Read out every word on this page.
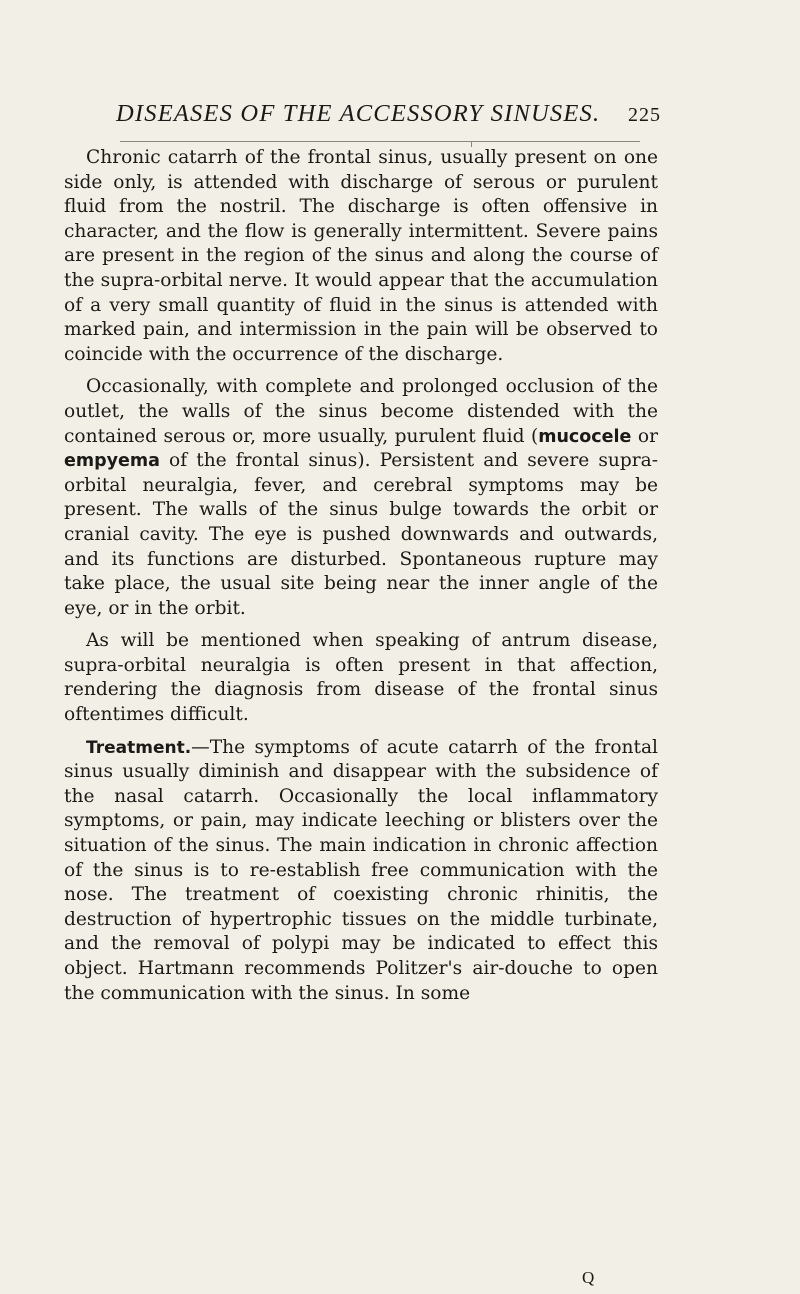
DISEASES OF THE ACCESSORY SINUSES.	225

Chronic catarrh of the frontal sinus, usually present on one side only, is attended with discharge of serous or purulent fluid from the nostril. The discharge is often offensive in character, and the flow is generally intermittent. Severe pains are present in the region of the sinus and along the course of the supra-orbital nerve. It would appear that the accumulation of a very small quantity of fluid in the sinus is attended with marked pain, and intermission in the pain will be observed to coincide with the occurrence of the discharge.

Occasionally, with complete and prolonged occlusion of the outlet, the walls of the sinus become distended with the contained serous or, more usually, purulent fluid (mucocele or empyema of the frontal sinus). Persistent and severe supra-orbital neuralgia, fever, and cerebral symptoms may be present. The walls of the sinus bulge towards the orbit or cranial cavity. The eye is pushed downwards and outwards, and its functions are disturbed. Spontaneous rupture may take place, the usual site being near the inner angle of the eye, or in the orbit.

As will be mentioned when speaking of antrum disease, supra-orbital neuralgia is often present in that affection, rendering the diagnosis from disease of the frontal sinus oftentimes difficult.

Treatment.—The symptoms of acute catarrh of the frontal sinus usually diminish and disappear with the subsidence of the nasal catarrh. Occasionally the local inflammatory symptoms, or pain, may indicate leeching or blisters over the situation of the sinus. The main indication in chronic affection of the sinus is to re-establish free communication with the nose. The treatment of coexisting chronic rhinitis, the destruction of hypertrophic tissues on the middle turbinate, and the removal of polypi may be indicated to effect this object. Hartmann recommends Politzer's air-douche to open the communication with the sinus. In some

Q
